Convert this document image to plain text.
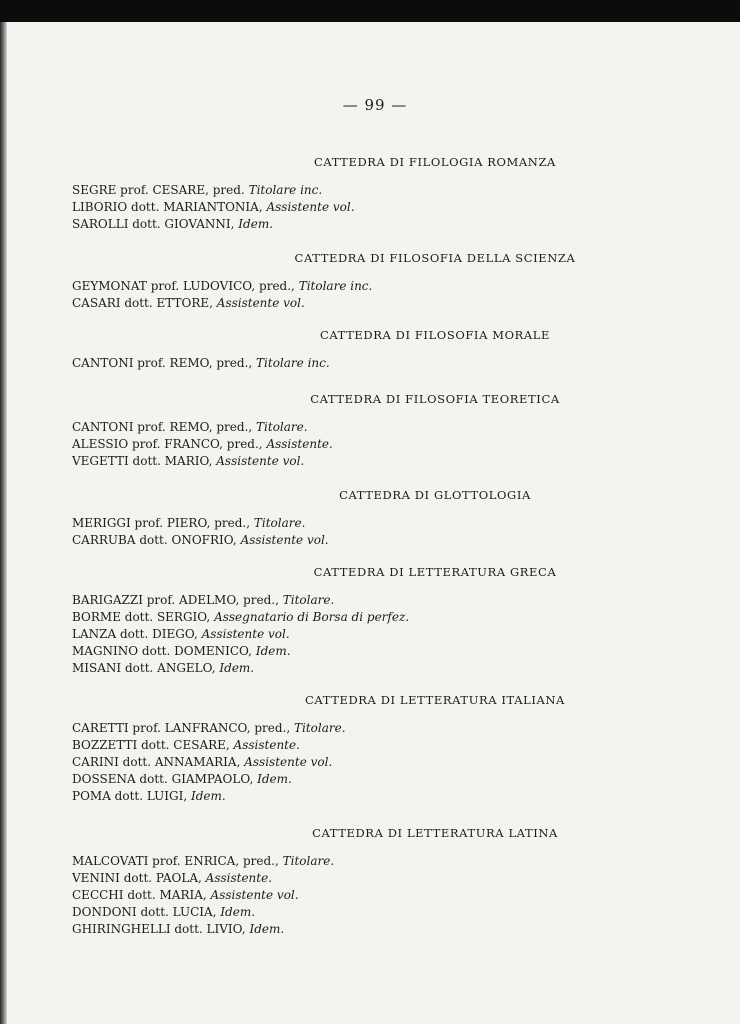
— 99 —
CATTEDRA DI FILOLOGIA ROMANZA
SEGRE prof. CESARE, pred. Titolare inc.
LIBORIO dott. MARIANTONIA, Assistente vol.
SAROLLI dott. GIOVANNI, Idem.
CATTEDRA DI FILOSOFIA DELLA SCIENZA
GEYMONAT prof. LUDOVICO, pred., Titolare inc.
CASARI dott. ETTORE, Assistente vol.
CATTEDRA DI FILOSOFIA MORALE
CANTONI prof. REMO, pred., Titolare inc.
CATTEDRA DI FILOSOFIA TEORETICA
CANTONI prof. REMO, pred., Titolare.
ALESSIO prof. FRANCO, pred., Assistente.
VEGETTI dott. MARIO, Assistente vol.
CATTEDRA DI GLOTTOLOGIA
MERIGGI prof. PIERO, pred., Titolare.
CARRUBA dott. ONOFRIO, Assistente vol.
CATTEDRA DI LETTERATURA GRECA
BARIGAZZI prof. ADELMO, pred., Titolare.
BORME dott. SERGIO, Assegnatario di Borsa di perfez.
LANZA dott. DIEGO, Assistente vol.
MAGNINO dott. DOMENICO, Idem.
MISANI dott. ANGELO, Idem.
CATTEDRA DI LETTERATURA ITALIANA
CARETTI prof. LANFRANCO, pred., Titolare.
BOZZETTI dott. CESARE, Assistente.
CARINI dott. ANNAMARIA, Assistente vol.
DOSSENA dott. GIAMPAOLO, Idem.
POMA dott. LUIGI, Idem.
CATTEDRA DI LETTERATURA LATINA
MALCOVATI prof. ENRICA, pred., Titolare.
VENINI dott. PAOLA, Assistente.
CECCHI dott. MARIA, Assistente vol.
DONDONI dott. LUCIA, Idem.
GHIRINGHELLI dott. LIVIO, Idem.
